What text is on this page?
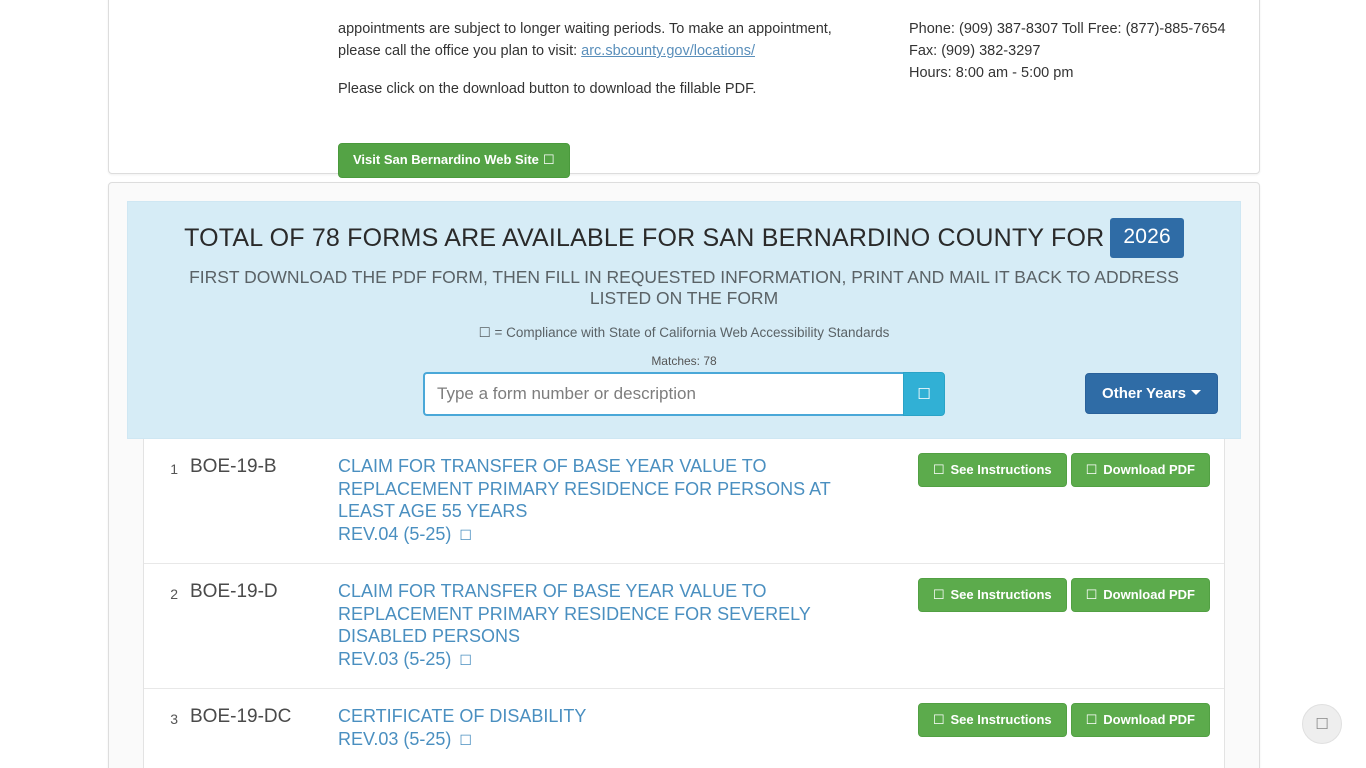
appointments are subject to longer waiting periods. To make an appointment,
please call the office you plan to visit: arc.sbcounty.gov/locations/

Please click on the download button to download the fillable PDF.

Phone: (909) 387-8307 Toll Free: (877)-885-7654
Fax: (909) 382-3297
Hours: 8:00 am - 5:00 pm
Visit San Bernardino Web Site ☐
TOTAL OF 78 FORMS ARE AVAILABLE FOR SAN BERNARDINO COUNTY FOR 2026
FIRST DOWNLOAD THE PDF FORM, THEN FILL IN REQUESTED INFORMATION, PRINT AND MAIL IT BACK TO ADDRESS LISTED ON THE FORM
☐ = Compliance with State of California Web Accessibility Standards
Matches: 78
Type a form number or description
☐	Other Years
1 BOE-19-B	CLAIM FOR TRANSFER OF BASE YEAR VALUE TO REPLACEMENT PRIMARY RESIDENCE FOR PERSONS AT LEAST AGE 55 YEARS
REV.04 (5-25) ☐
☐ See Instructions	☐ Download PDF
2 BOE-19-D	CLAIM FOR TRANSFER OF BASE YEAR VALUE TO REPLACEMENT PRIMARY RESIDENCE FOR SEVERELY DISABLED PERSONS
REV.03 (5-25) ☐
☐ See Instructions	☐ Download PDF
3 BOE-19-DC	CERTIFICATE OF DISABILITY
REV.03 (5-25) ☐
☐ See Instructions	☐ Download PDF	☐
